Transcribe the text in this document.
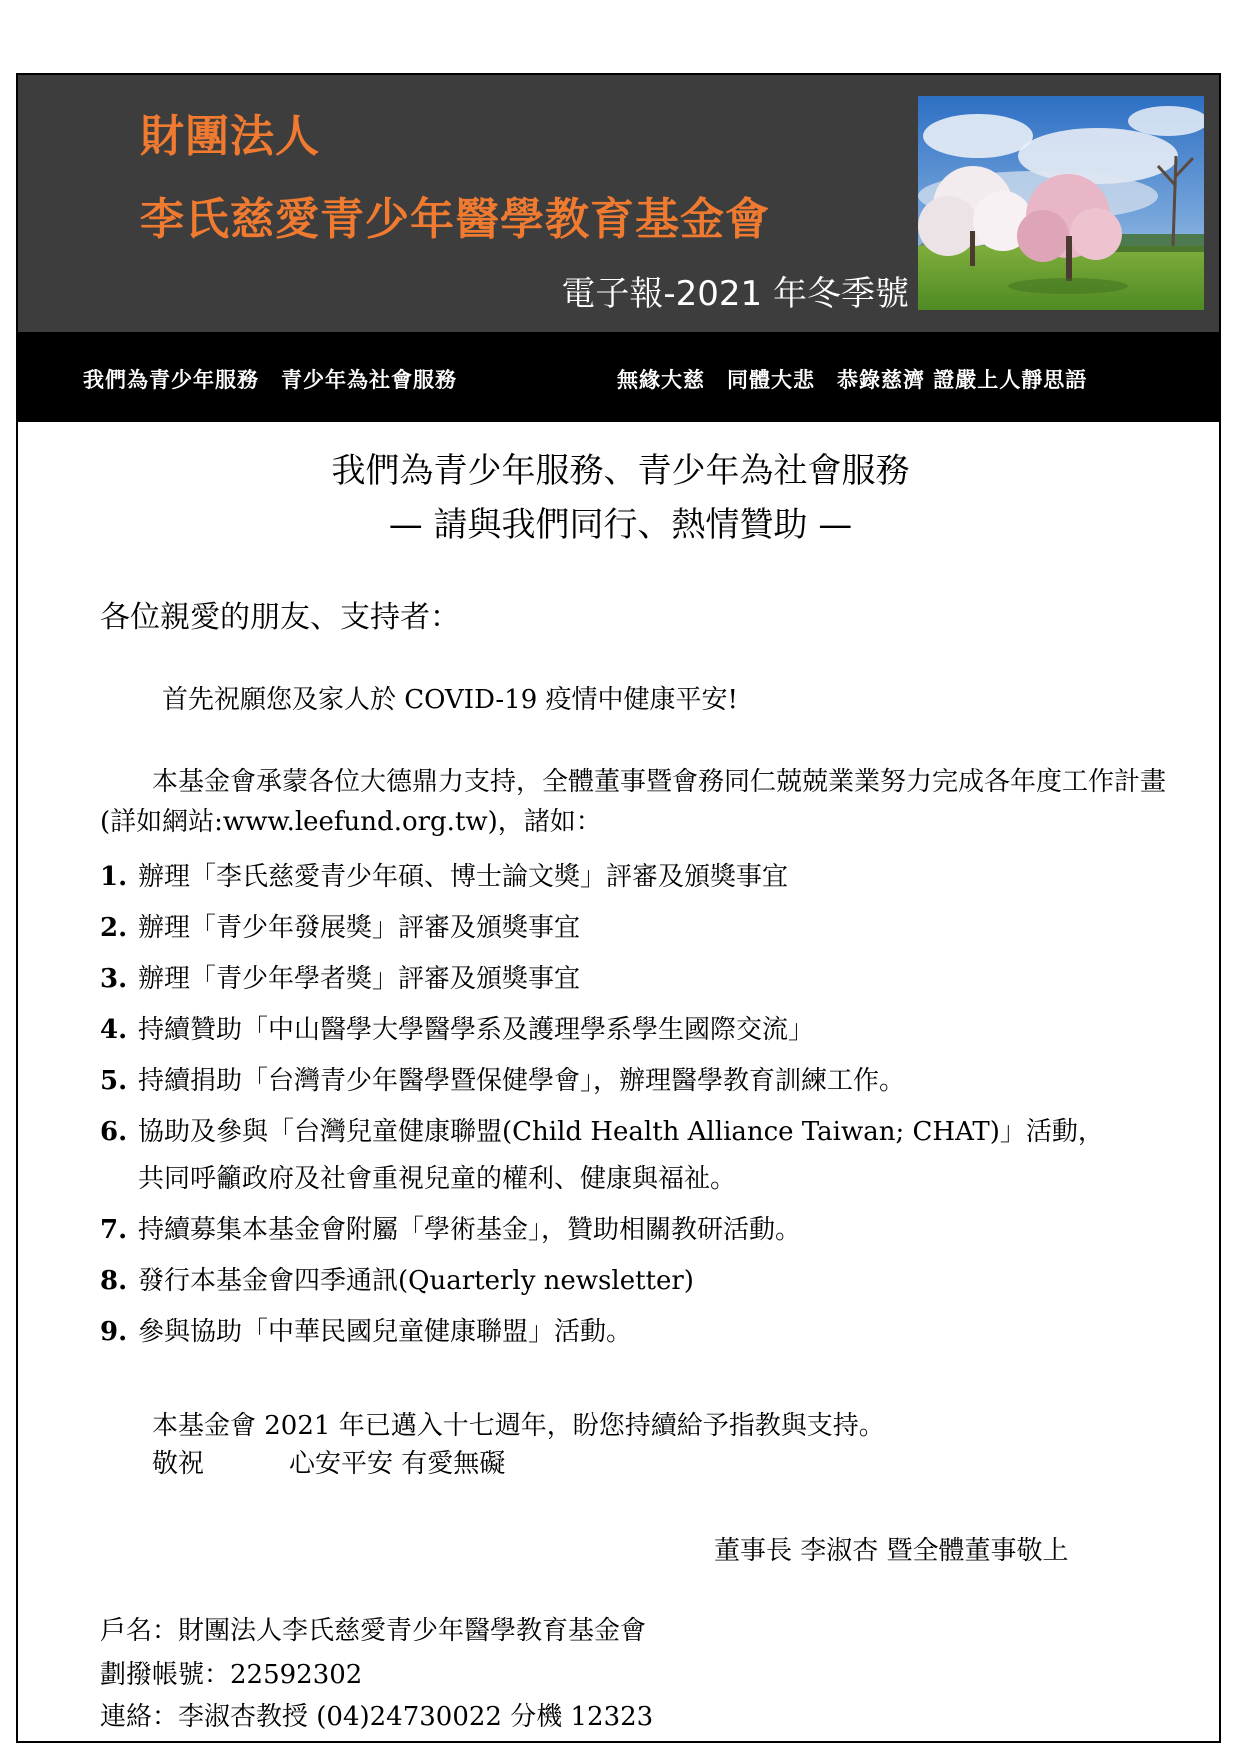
財團法人
李氏慈愛青少年醫學教育基金會
電子報-2021 年冬季號
我們為青少年服務　青少年為社會服務	無緣大慈　同體大悲　恭錄慈濟 證嚴上人靜思語
我們為青少年服務、青少年為社會服務
— 請與我們同行、熱情贊助 —
各位親愛的朋友、支持者：
首先祝願您及家人於 COVID-19 疫情中健康平安!
本基金會承蒙各位大德鼎力支持，全體董事暨會務同仁兢兢業業努力完成各年度工作計畫(詳如網站:www.leefund.org.tw)，諸如：
1. 辦理「李氏慈愛青少年碩、博士論文獎」評審及頒獎事宜
2. 辦理「青少年發展獎」評審及頒獎事宜
3. 辦理「青少年學者獎」評審及頒獎事宜
4. 持續贊助「中山醫學大學醫學系及護理學系學生國際交流」
5. 持續捐助「台灣青少年醫學暨保健學會」，辦理醫學教育訓練工作。
6. 協助及參與「台灣兒童健康聯盟(Child Health Alliance Taiwan; CHAT)」活動，
共同呼籲政府及社會重視兒童的權利、健康與福祉。
7. 持續募集本基金會附屬「學術基金」，贊助相關教研活動。
8. 發行本基金會四季通訊(Quarterly newsletter)
9. 參與協助「中華民國兒童健康聯盟」活動。
本基金會 2021 年已邁入十七週年，盼您持續給予指教與支持。
敬祝	心安平安 有愛無礙
董事長 李淑杏 暨全體董事敬上
戶名：財團法人李氏慈愛青少年醫學教育基金會
劃撥帳號：22592302
連絡：李淑杏教授 (04)24730022 分機 12323
